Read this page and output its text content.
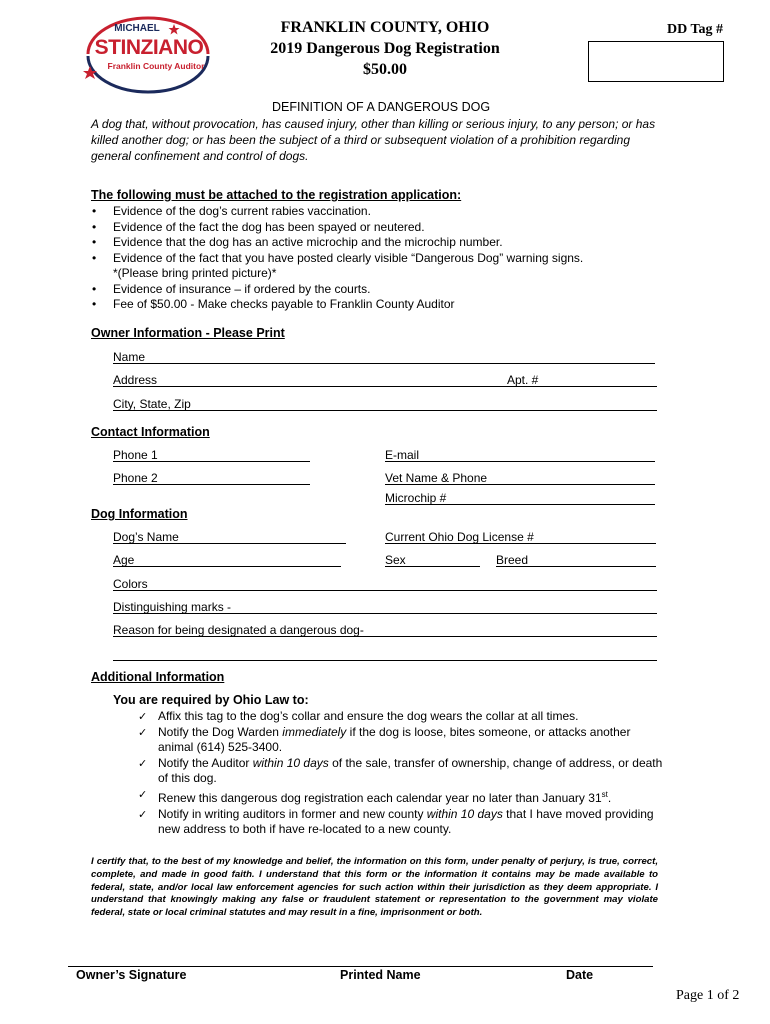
MICHAEL
STINZIANO
Franklin County Auditor
FRANKLIN COUNTY, OHIO
2019 Dangerous Dog Registration
$50.00
DD Tag #
DEFINITION OF A DANGEROUS DOG
A dog that, without provocation, has caused injury, other than killing or serious injury, to any person; or has killed another dog; or has been the subject of a third or subsequent violation of a prohibition regarding general confinement and control of dogs.
The following must be attached to the registration application:
• Evidence of the dog’s current rabies vaccination.
• Evidence of the fact the dog has been spayed or neutered.
• Evidence that the dog has an active microchip and the microchip number.
• Evidence of the fact that you have posted clearly visible “Dangerous Dog” warning signs.
*(Please bring printed picture)*
• Evidence of insurance – if ordered by the courts.
• Fee of $50.00 - Make checks payable to Franklin County Auditor
Owner Information - Please Print
Name
Address	Apt. #
City, State, Zip
Contact Information
Phone 1	E-mail
Phone 2	Vet Name & Phone
Microchip #
Dog Information
Dog’s Name	Current Ohio Dog License #
Age	Sex	Breed
Colors
Distinguishing marks -
Reason for being designated a dangerous dog-
Additional Information
You are required by Ohio Law to:
✓ Affix this tag to the dog’s collar and ensure the dog wears the collar at all times.
✓ Notify the Dog Warden immediately if the dog is loose, bites someone, or attacks another animal (614) 525-3400.
✓ Notify the Auditor within 10 days of the sale, transfer of ownership, change of address, or death of this dog.
✓ Renew this dangerous dog registration each calendar year no later than January 31st.
✓ Notify in writing auditors in former and new county within 10 days that I have moved providing new address to both if have re-located to a new county.
I certify that, to the best of my knowledge and belief, the information on this form, under penalty of perjury, is true, correct, complete, and made in good faith. I understand that this form or the information it contains may be made available to federal, state, and/or local law enforcement agencies for such action within their jurisdiction as they deem appropriate. I understand that knowingly making any false or fraudulent statement or representation to the government may violate federal, state or local criminal statutes and may result in a fine, imprisonment or both.
Owner’s Signature	Printed Name	Date
Page 1 of 2
